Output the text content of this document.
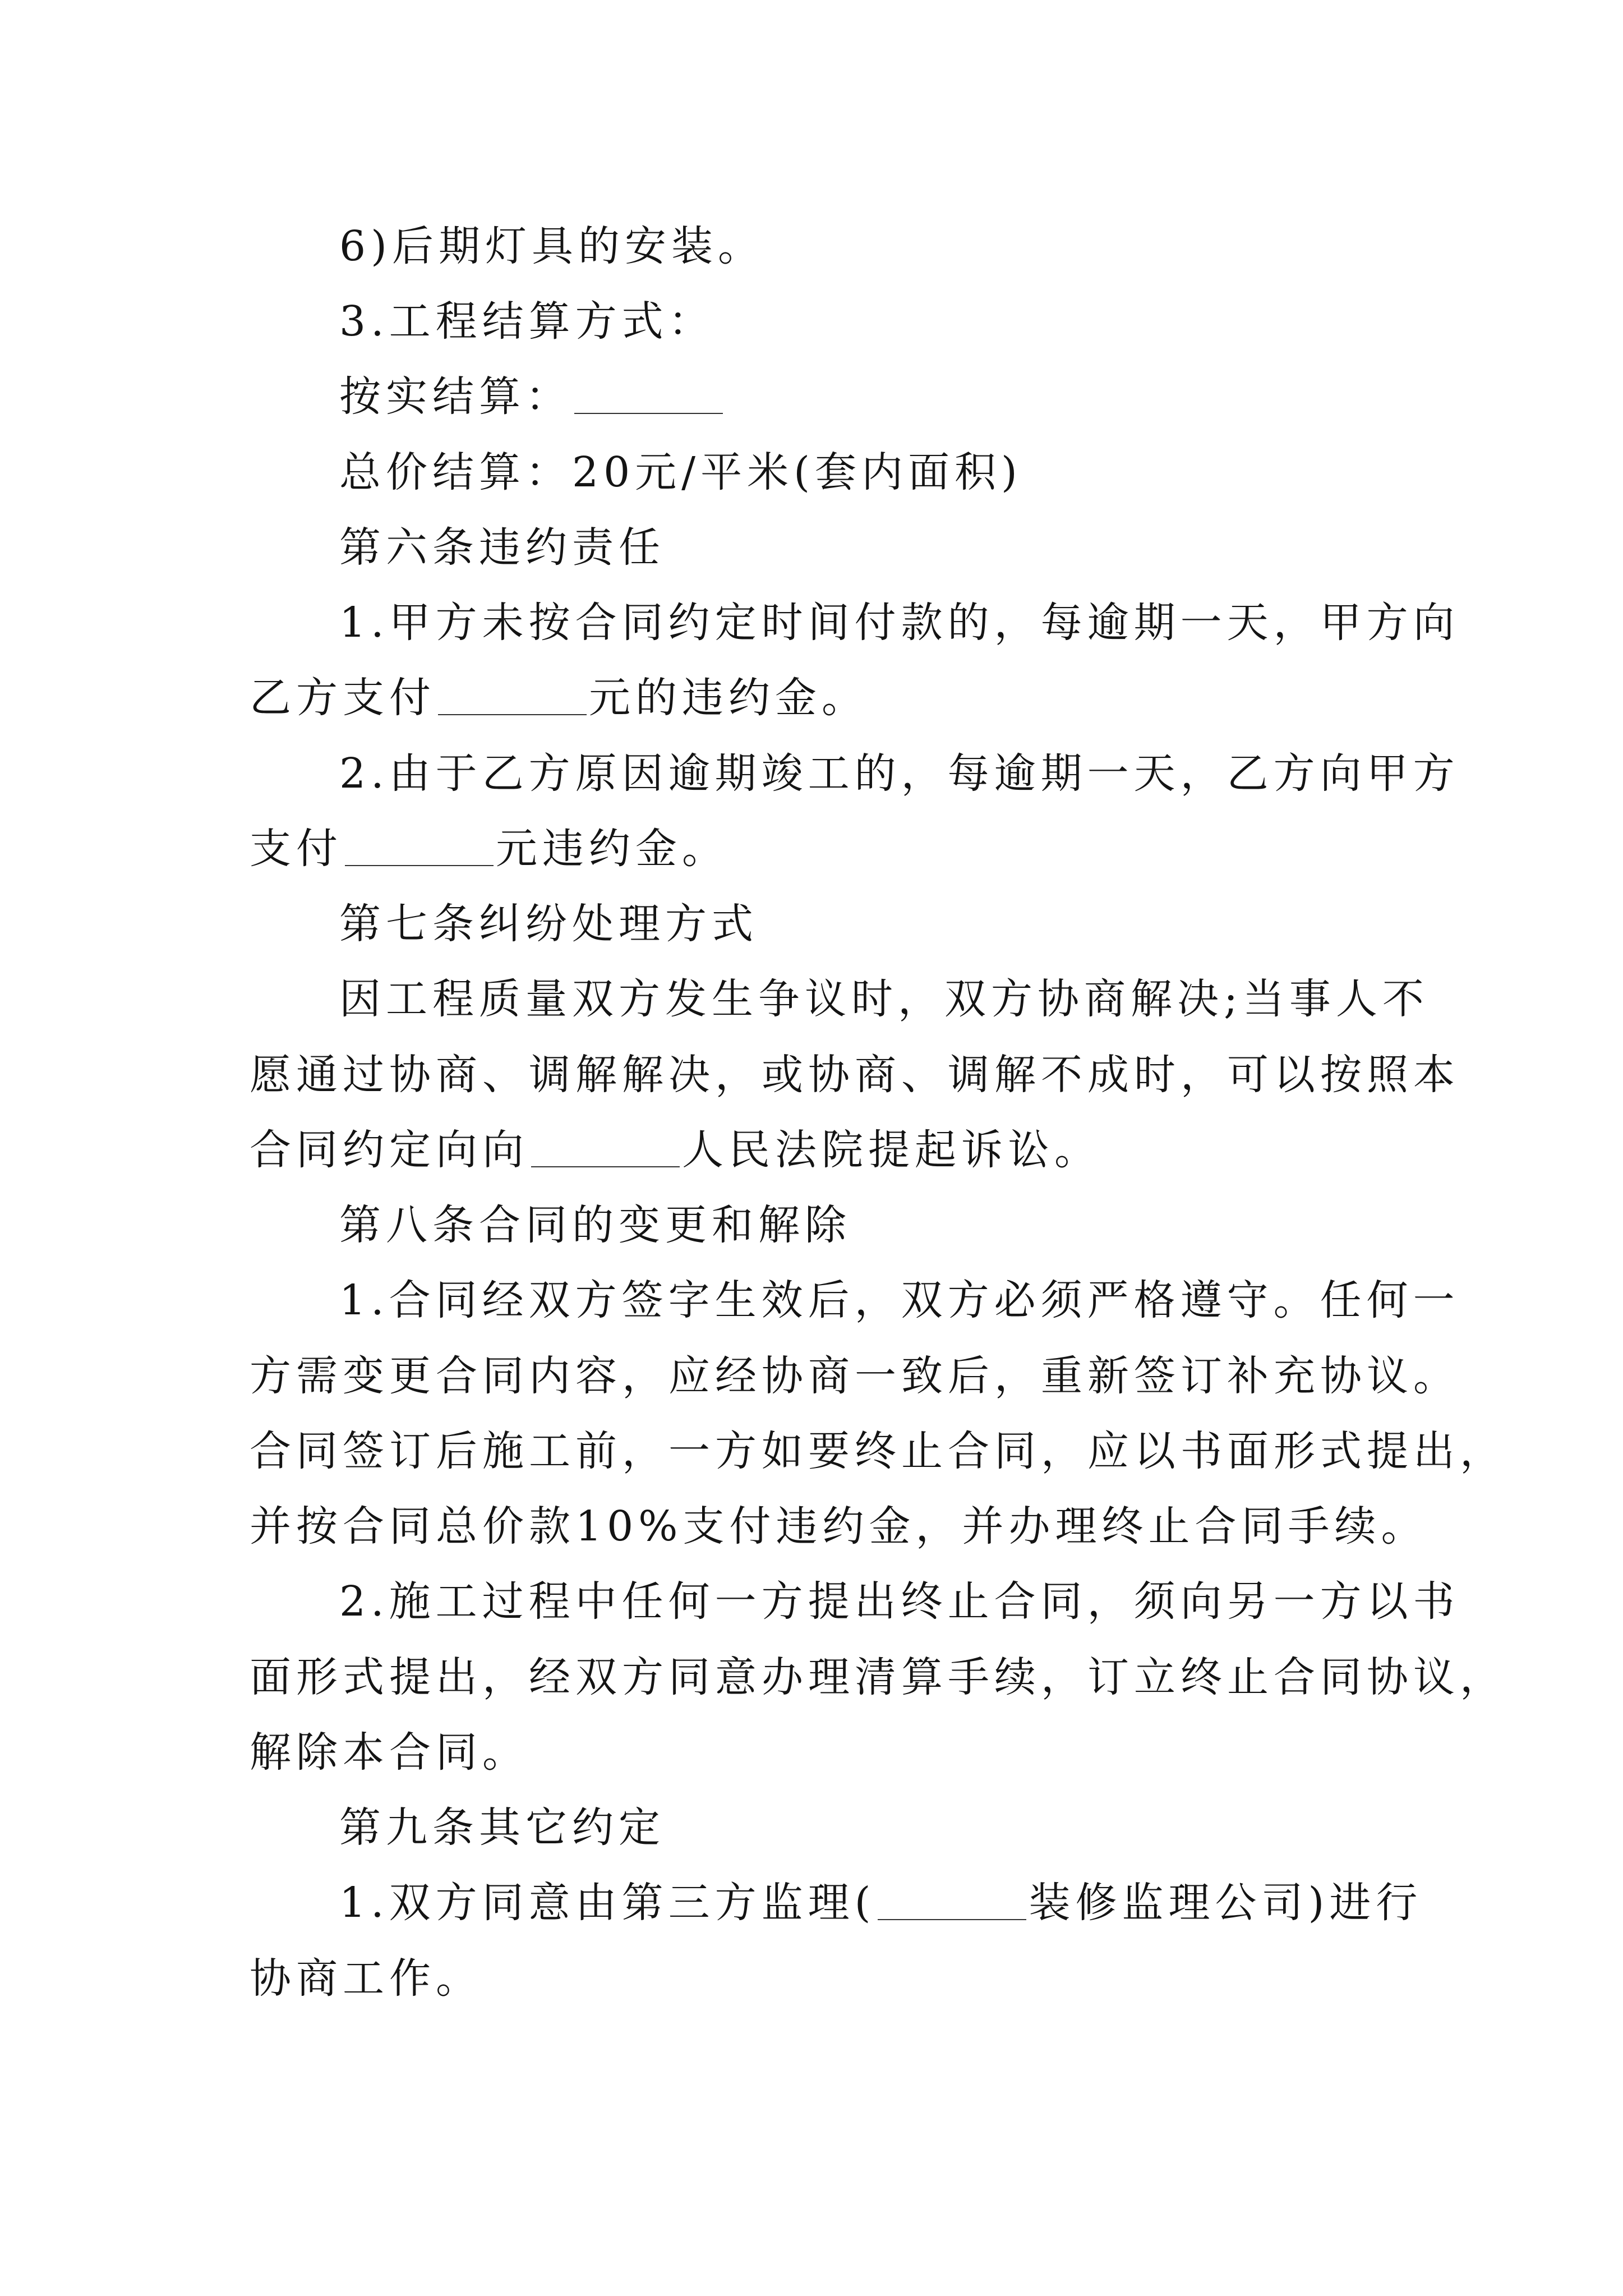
6)后期灯具的安装。
3.工程结算方式：
按实结算：
总价结算：20元/平米(套内面积)
第六条违约责任
1.甲方未按合同约定时间付款的，每逾期一天，甲方向
乙方支付	元的违约金。
2.由于乙方原因逾期竣工的，每逾期一天，乙方向甲方
支付	元违约金。
第七条纠纷处理方式
因工程质量双方发生争议时，双方协商解决;当事人不
愿通过协商、调解解决，或协商、调解不成时，可以按照本
合同约定向向	人民法院提起诉讼。
第八条合同的变更和解除
1.合同经双方签字生效后，双方必须严格遵守。任何一
方需变更合同内容，应经协商一致后，重新签订补充协议。
合同签订后施工前，一方如要终止合同，应以书面形式提出，
并按合同总价款10%支付违约金，并办理终止合同手续。
2.施工过程中任何一方提出终止合同，须向另一方以书
面形式提出，经双方同意办理清算手续，订立终止合同协议，
解除本合同。
第九条其它约定
1.双方同意由第三方监理(	装修监理公司)进行
协商工作。
